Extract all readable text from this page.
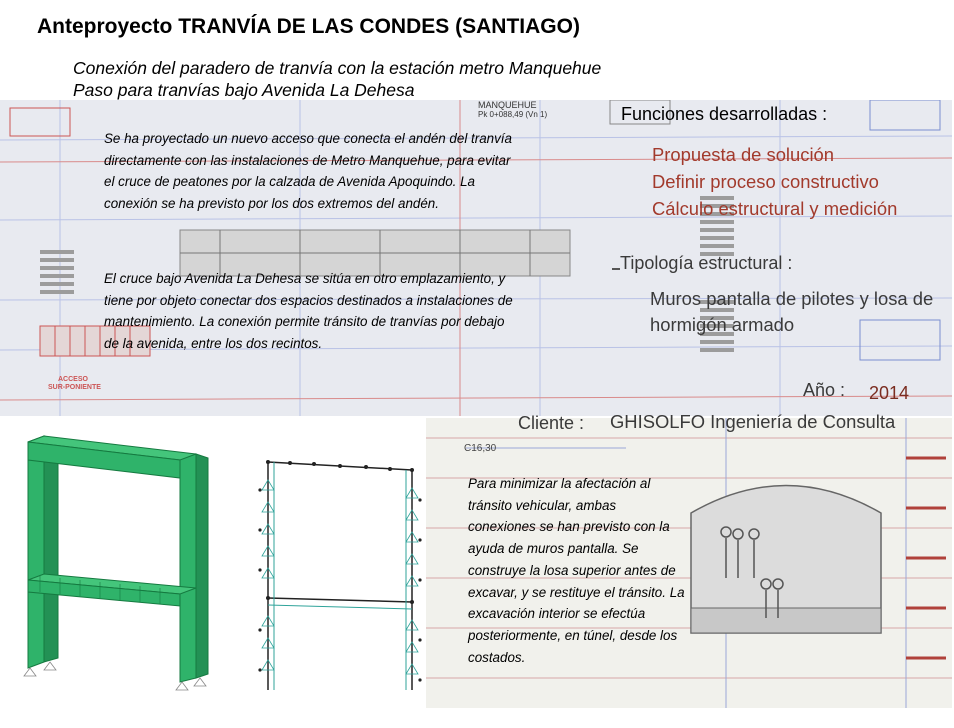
Anteproyecto TRANVÍA DE LAS CONDES (SANTIAGO)
Conexión del paradero de tranvía con la estación metro Manquehue
Paso para tranvías bajo Avenida La Dehesa
MANQUEHUE
Pk 0+088,49 (Vn 1)
ACCESO
SUR-PONIENTE
C16,30
Se ha proyectado un nuevo acceso que conecta el andén del tranvía directamente con las instalaciones de Metro Manquehue, para evitar el cruce de peatones por la calzada de Avenida Apoquindo. La conexión se ha previsto por los dos extremos del andén.
El cruce bajo Avenida La Dehesa se sitúa en otro emplazamiento, y tiene por objeto conectar dos espacios destinados a instalaciones de mantenimiento. La conexión permite tránsito de tranvías por debajo de la avenida, entre los dos recintos.
Para minimizar la afectación al tránsito vehicular, ambas conexiones se han previsto con la ayuda de muros pantalla. Se construye la losa superior antes de excavar, y se restituye el tránsito. La excavación interior se efectúa posteriormente, en túnel, desde los costados.
Funciones desarrolladas :
Propuesta de solución
Definir proceso constructivo
Cálculo estructural y medición
Tipología estructural :
Muros pantalla de pilotes y losa de hormigón armado
Año : 2014
Cliente : GHISOLFO Ingeniería de Consulta
